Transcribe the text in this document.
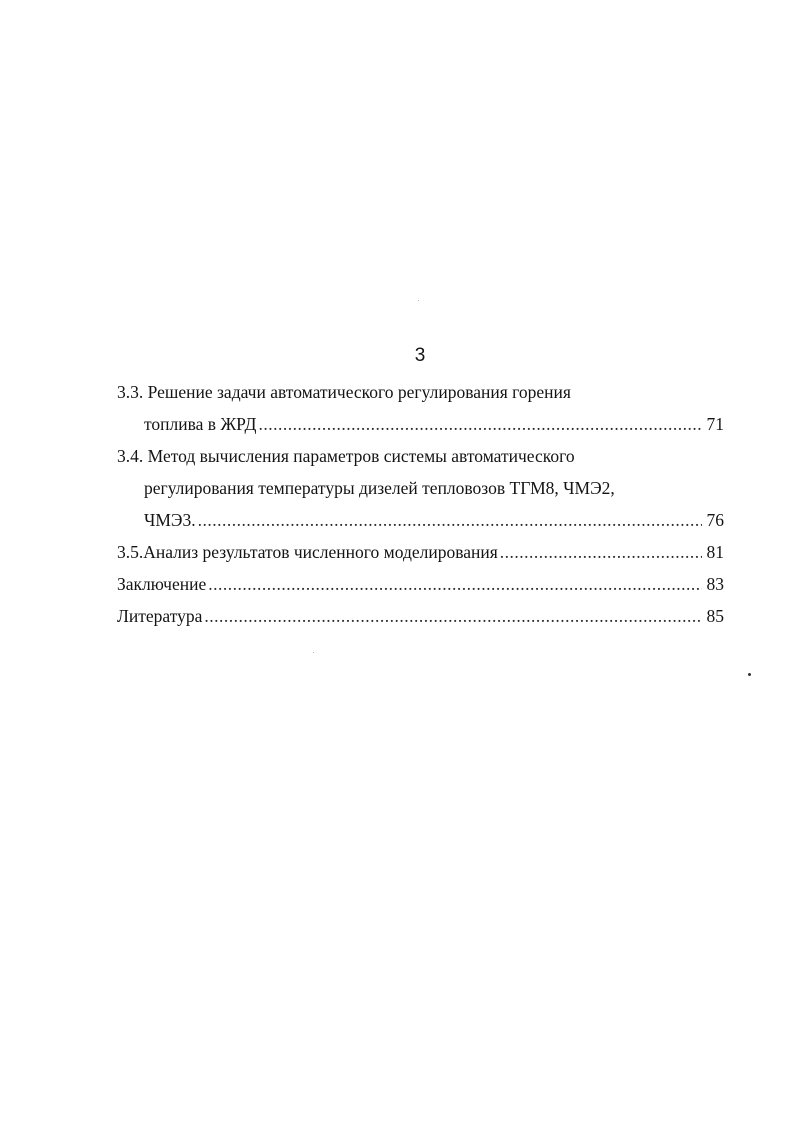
3
3.3. Решение задачи автоматического регулирования горения
топлива в ЖРД .....	71
3.4. Метод вычисления параметров системы автоматического
регулирования температуры дизелей тепловозов ТГМ8, ЧМЭ2,
ЧМЭ3. .....	76
3.5.Анализ результатов численного моделирования .....	81
Заключение .....	83
Литература .....	85
